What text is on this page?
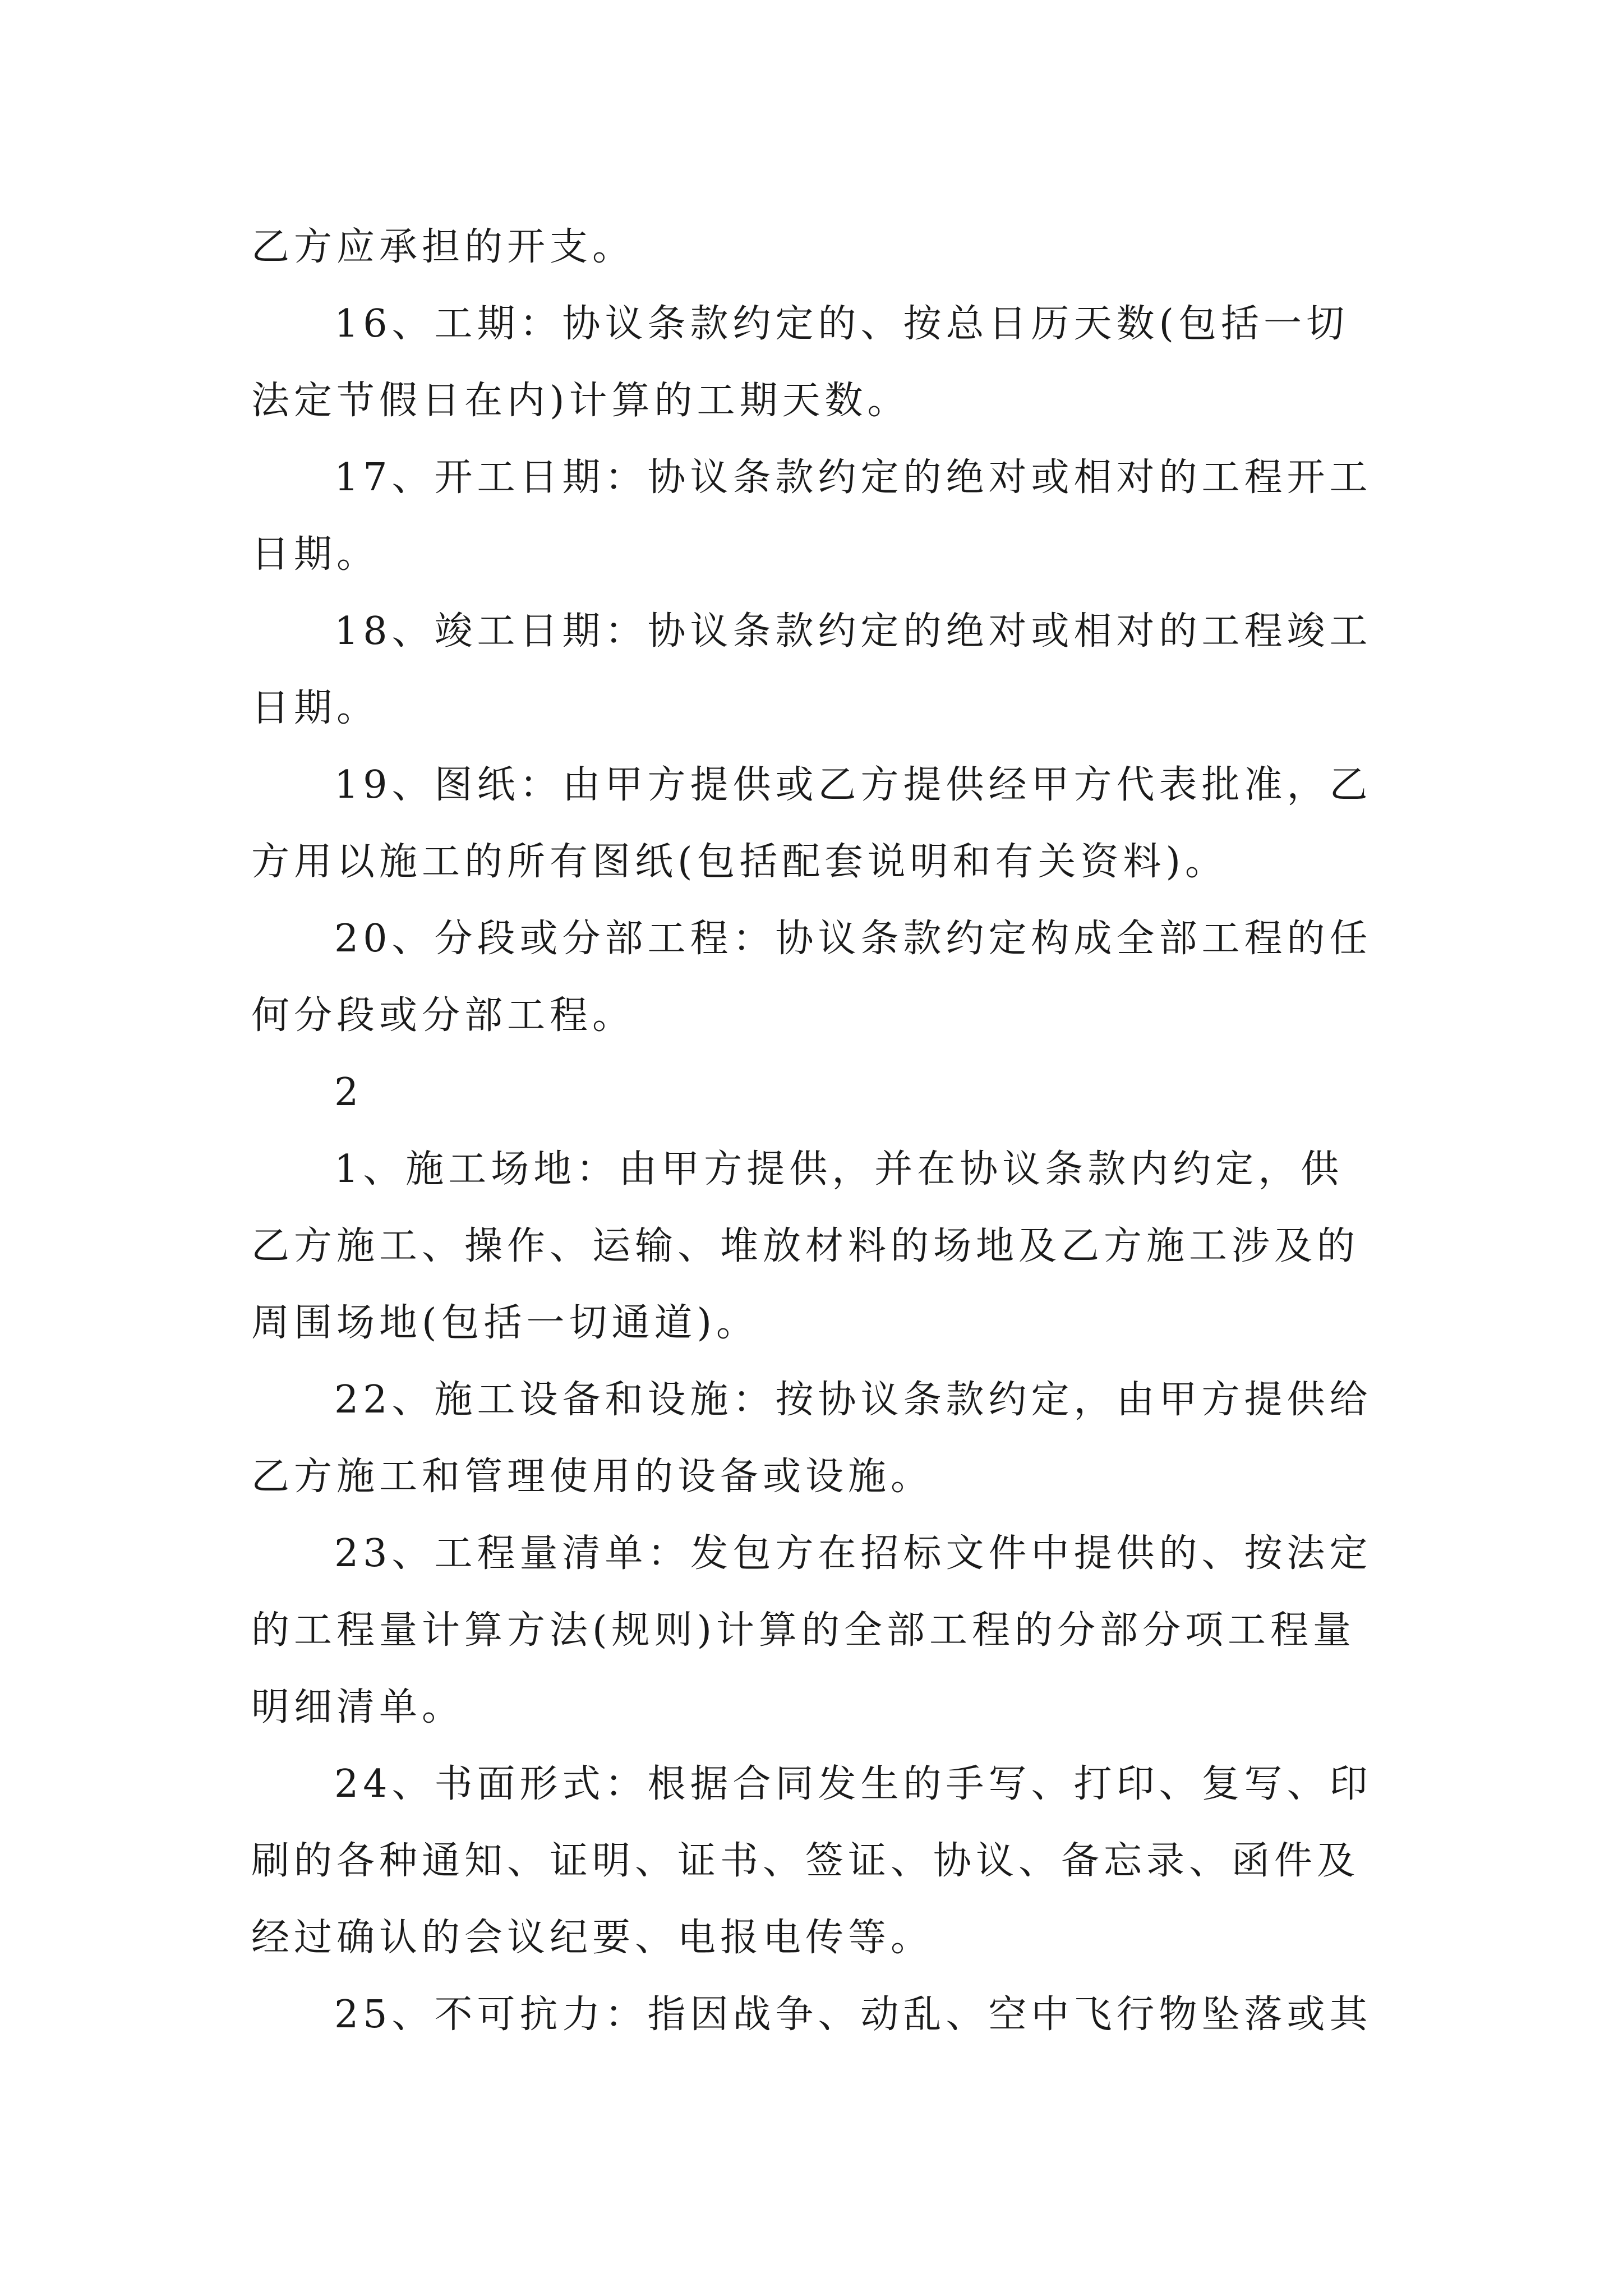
乙方应承担的开支。
16、工期：协议条款约定的、按总日历天数(包括一切
法定节假日在内)计算的工期天数。
17、开工日期：协议条款约定的绝对或相对的工程开工
日期。
18、竣工日期：协议条款约定的绝对或相对的工程竣工
日期。
19、图纸：由甲方提供或乙方提供经甲方代表批准，乙
方用以施工的所有图纸(包括配套说明和有关资料)。
20、分段或分部工程：协议条款约定构成全部工程的任
何分段或分部工程。
2
1、施工场地：由甲方提供，并在协议条款内约定，供
乙方施工、操作、运输、堆放材料的场地及乙方施工涉及的
周围场地(包括一切通道)。
22、施工设备和设施：按协议条款约定，由甲方提供给
乙方施工和管理使用的设备或设施。
23、工程量清单：发包方在招标文件中提供的、按法定
的工程量计算方法(规则)计算的全部工程的分部分项工程量
明细清单。
24、书面形式：根据合同发生的手写、打印、复写、印
刷的各种通知、证明、证书、签证、协议、备忘录、函件及
经过确认的会议纪要、电报电传等。
25、不可抗力：指因战争、动乱、空中飞行物坠落或其
